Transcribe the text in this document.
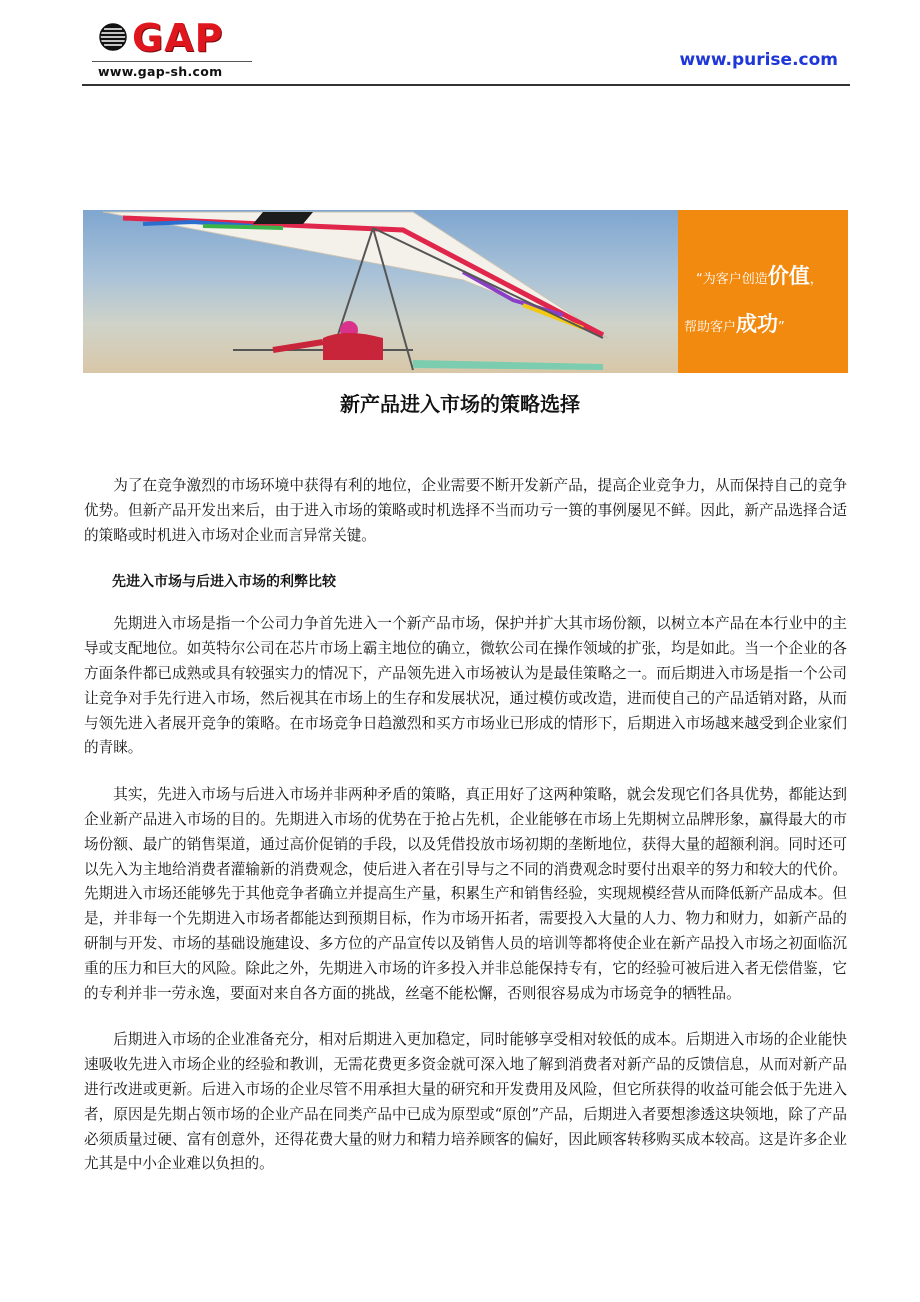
GAP
www.gap-sh.com
www.purise.com
“为客户创造价值，
帮助客户成功”
新产品进入市场的策略选择

为了在竞争激烈的市场环境中获得有利的地位，企业需要不断开发新产品，提高企业竞争力，从而保持自己的竞争优势。但新产品开发出来后，由于进入市场的策略或时机选择不当而功亏一篑的事例屡见不鲜。因此，新产品选择合适的策略或时机进入市场对企业而言异常关键。

先进入市场与后进入市场的利弊比较

先期进入市场是指一个公司力争首先进入一个新产品市场，保护并扩大其市场份额，以树立本产品在本行业中的主导或支配地位。如英特尔公司在芯片市场上霸主地位的确立，微软公司在操作领域的扩张，均是如此。当一个企业的各方面条件都已成熟或具有较强实力的情况下，产品领先进入市场被认为是最佳策略之一。而后期进入市场是指一个公司让竞争对手先行进入市场，然后视其在市场上的生存和发展状况，通过模仿或改造，进而使自己的产品适销对路，从而与领先进入者展开竞争的策略。在市场竞争日趋激烈和买方市场业已形成的情形下，后期进入市场越来越受到企业家们的青睐。

其实，先进入市场与后进入市场并非两种矛盾的策略，真正用好了这两种策略，就会发现它们各具优势，都能达到企业新产品进入市场的目的。先期进入市场的优势在于抢占先机，企业能够在市场上先期树立品牌形象，赢得最大的市场份额、最广的销售渠道，通过高价促销的手段，以及凭借投放市场初期的垄断地位，获得大量的超额利润。同时还可以先入为主地给消费者灌输新的消费观念，使后进入者在引导与之不同的消费观念时要付出艰辛的努力和较大的代价。先期进入市场还能够先于其他竞争者确立并提高生产量，积累生产和销售经验，实现规模经营从而降低新产品成本。但是，并非每一个先期进入市场者都能达到预期目标，作为市场开拓者，需要投入大量的人力、物力和财力，如新产品的研制与开发、市场的基础设施建设、多方位的产品宣传以及销售人员的培训等都将使企业在新产品投入市场之初面临沉重的压力和巨大的风险。除此之外，先期进入市场的许多投入并非总能保持专有，它的经验可被后进入者无偿借鉴，它的专利并非一劳永逸，要面对来自各方面的挑战，丝毫不能松懈，否则很容易成为市场竞争的牺牲品。

后期进入市场的企业准备充分，相对后期进入更加稳定，同时能够享受相对较低的成本。后期进入市场的企业能快速吸收先进入市场企业的经验和教训，无需花费更多资金就可深入地了解到消费者对新产品的反馈信息，从而对新产品进行改进或更新。后进入市场的企业尽管不用承担大量的研究和开发费用及风险，但它所获得的收益可能会低于先进入者，原因是先期占领市场的企业产品在同类产品中已成为原型或“原创”产品，后期进入者要想渗透这块领地，除了产品必须质量过硬、富有创意外，还得花费大量的财力和精力培养顾客的偏好，因此顾客转移购买成本较高。这是许多企业尤其是中小企业难以负担的。
